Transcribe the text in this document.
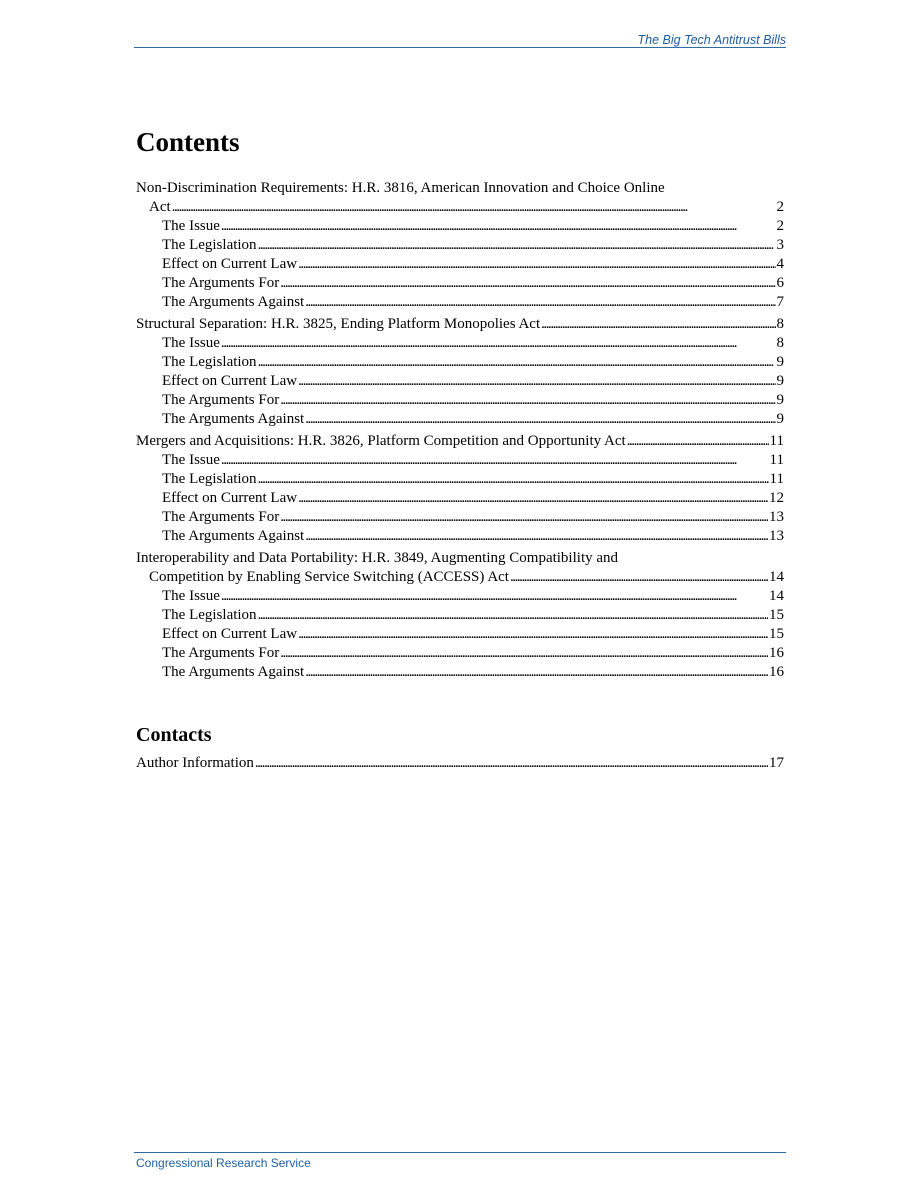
The Big Tech Antitrust Bills
Contents
Non-Discrimination Requirements: H.R. 3816, American Innovation and Choice Online
Act . . .	2
The Issue . . .	2
The Legislation . . .	3
Effect on Current Law . . .	4
The Arguments For . . .	6
The Arguments Against . . .	7
Structural Separation: H.R. 3825, Ending Platform Monopolies Act . . .	8
The Issue . . .	8
The Legislation . . .	9
Effect on Current Law . . .	9
The Arguments For . . .	9
The Arguments Against . . .	9
Mergers and Acquisitions: H.R. 3826, Platform Competition and Opportunity Act . . .	11
The Issue . . .	11
The Legislation . . .	11
Effect on Current Law . . .	12
The Arguments For . . .	13
The Arguments Against . . .	13
Interoperability and Data Portability: H.R. 3849, Augmenting Compatibility and
Competition by Enabling Service Switching (ACCESS) Act . . .	14
The Issue . . .	14
The Legislation . . .	15
Effect on Current Law . . .	15
The Arguments For . . .	16
The Arguments Against . . .	16
Contacts
Author Information . . .	17
Congressional Research Service
